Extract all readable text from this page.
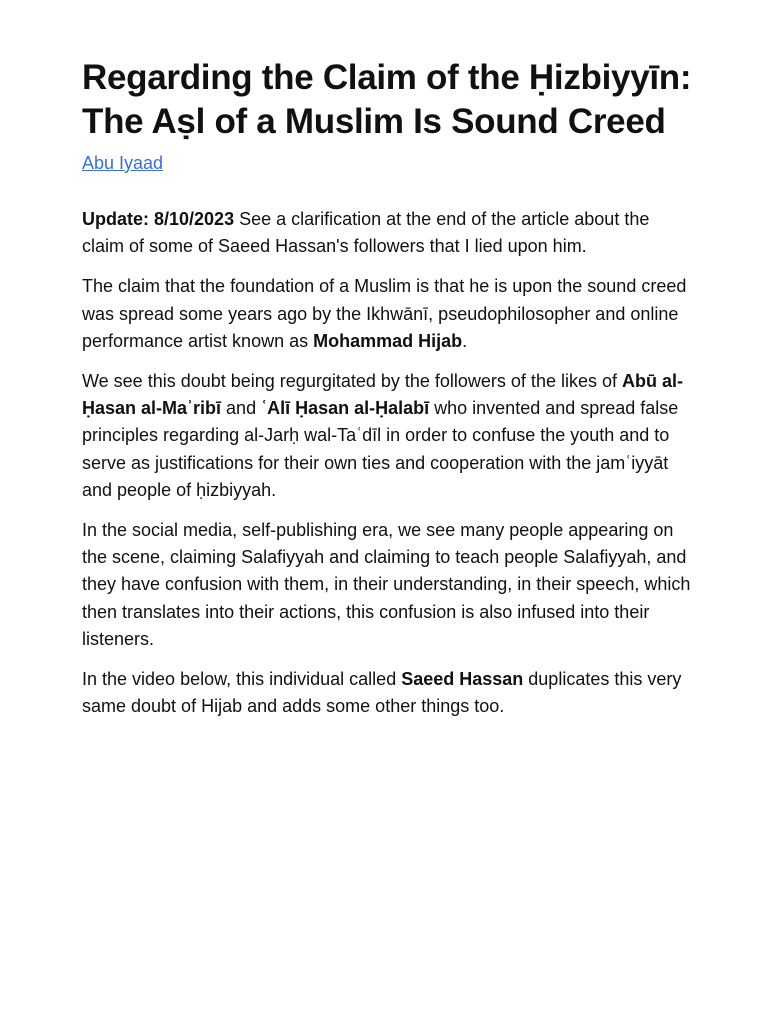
Regarding the Claim of the Ḥizbiyyīn: The Aṣl of a Muslim Is Sound Creed
Abu Iyaad

Update: 8/10/2023 See a clarification at the end of the article about the claim of some of Saeed Hassan's followers that I lied upon him.

The claim that the foundation of a Muslim is that he is upon the sound creed was spread some years ago by the Ikhwānī, pseudophilosopher and online performance artist known as Mohammad Hijab.

We see this doubt being regurgitated by the followers of the likes of Abū al-Ḥasan al-Maʾribī and ʿAlī Ḥasan al-Ḥalabī who invented and spread false principles regarding al-Jarḥ wal-Taʿdīl in order to confuse the youth and to serve as justifications for their own ties and cooperation with the jamʿiyyāt and people of ḥizbiyyah.

In the social media, self-publishing era, we see many people appearing on the scene, claiming Salafiyyah and claiming to teach people Salafiyyah, and they have confusion with them, in their understanding, in their speech, which then translates into their actions, this confusion is also infused into their listeners.

In the video below, this individual called Saeed Hassan duplicates this very same doubt of Hijab and adds some other things too.
